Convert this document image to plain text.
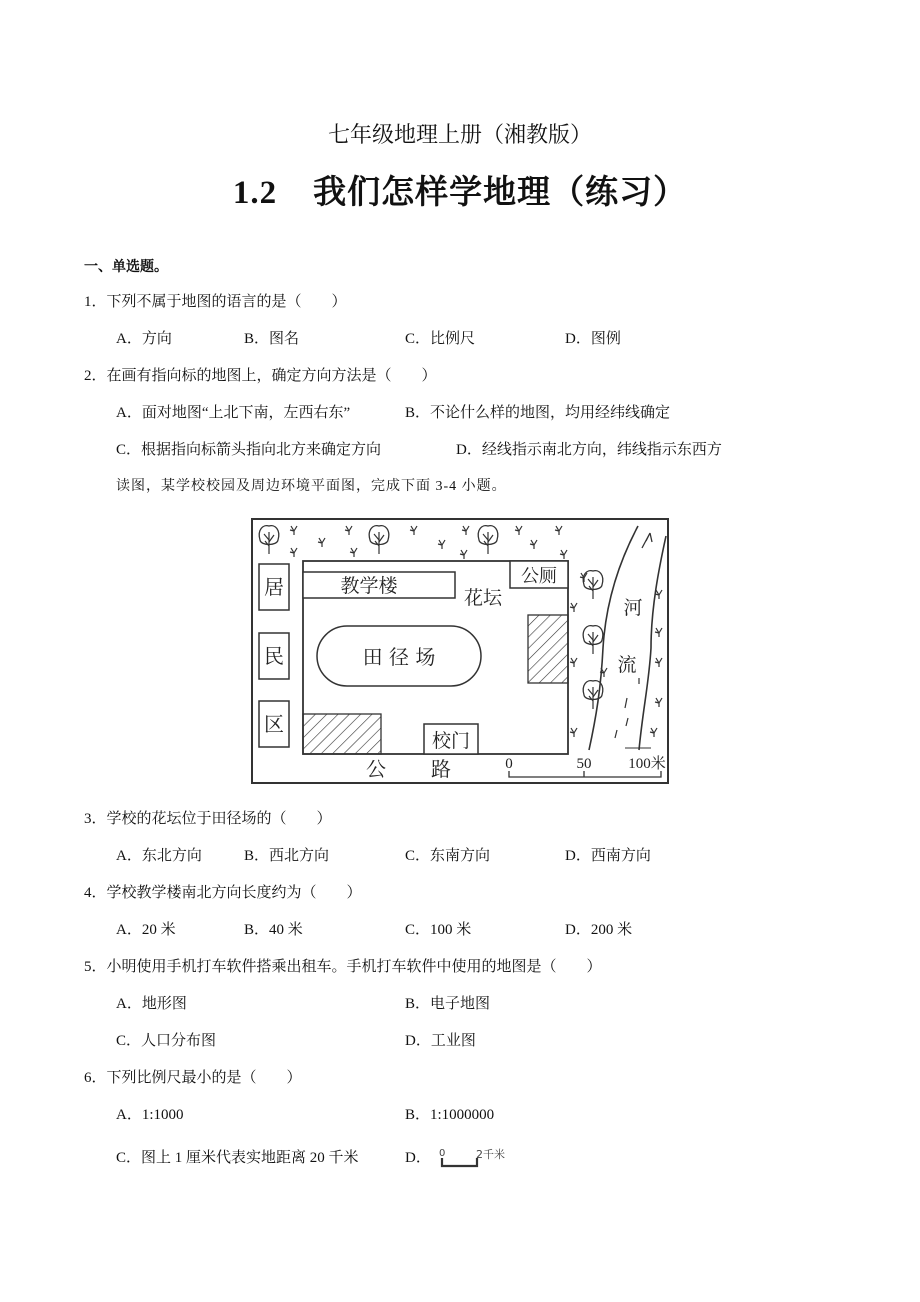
七年级地理上册（湘教版）
1.2 我们怎样学地理（练习）
一、单选题。
1．下列不属于地图的语言的是（　　）
A．方向	B．图名	C．比例尺	D．图例
2．在画有指向标的地图上，确定方向方法是（　　）
A．面对地图“上北下南，左西右东”	B．不论什么样的地图，均用经纬线确定
C．根据指向标箭头指向北方来确定方向	D．经线指示南北方向，纬线指示东西方
读图，某学校校园及周边环境平面图，完成下面 3-4 小题。
居
民
区
教学楼
花坛
公厕
田 径 场
校门
公 路
河
流
0	50 100米
3．学校的花坛位于田径场的（　　）
A．东北方向	B．西北方向	C．东南方向	D．西南方向
4．学校教学楼南北方向长度约为（　　）
A．20 米	B．40 米	C．100 米	D．200 米
5．小明使用手机打车软件搭乘出租车。手机打车软件中使用的地图是（　　）
A．地形图	B．电子地图
C．人口分布图	D．工业图
6．下列比例尺最小的是（　　）
A．1:1000	B．1:1000000
C．图上 1 厘米代表实地距离 20 千米	D． 0	2千米
